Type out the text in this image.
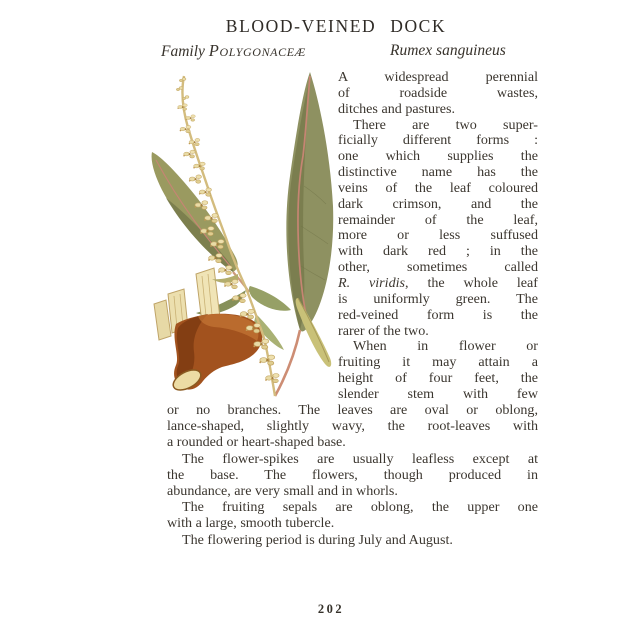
BLOOD-VEINED DOCK
Family Polygonaceæ	Rumex sanguineus
A widespread perennial
of roadside wastes,
ditches and pastures.
There are two super-
ficially different forms :
one which supplies the
distinctive name has the
veins of the leaf coloured
dark crimson, and the
remainder of the leaf,
more or less suffused
with dark red ; in the
other, sometimes called
R. viridis, the whole leaf
is uniformly green. The
red-veined form is the
rarer of the two.
When in flower or
fruiting it may attain a
height of four feet, the
slender stem with few
or no branches. The leaves are oval or oblong,
lance-shaped, slightly wavy, the root-leaves with
a rounded or heart-shaped base.
The flower-spikes are usually leafless except at
the base. The flowers, though produced in
abundance, are very small and in whorls.
The fruiting sepals are oblong, the upper one
with a large, smooth tubercle.
The flowering period is during July and August.
202
